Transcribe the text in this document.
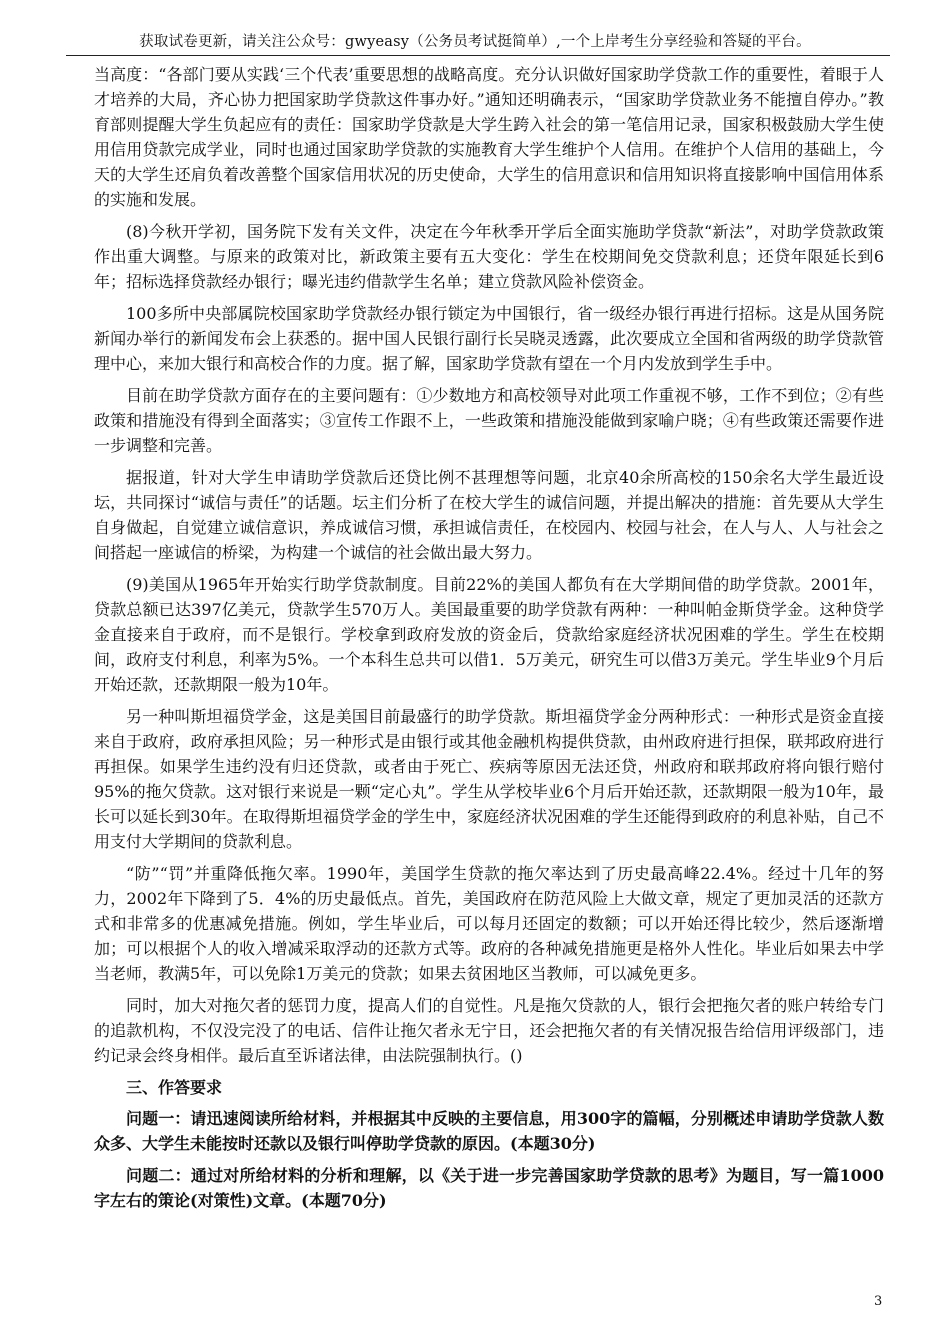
获取试卷更新，请关注公众号：gwyeasy（公务员考试挺简单）,一个上岸考生分享经验和答疑的平台。

当高度：“各部门要从实践‘三个代表’重要思想的战略高度。充分认识做好国家助学贷款工作的重要性，着眼于人才培养的大局，齐心协力把国家助学贷款这件事办好。”通知还明确表示，“国家助学贷款业务不能擅自停办。”教育部则提醒大学生负起应有的责任：国家助学贷款是大学生跨入社会的第一笔信用记录，国家积极鼓励大学生使用信用贷款完成学业，同时也通过国家助学贷款的实施教育大学生维护个人信用。在维护个人信用的基础上，今天的大学生还肩负着改善整个国家信用状况的历史使命，大学生的信用意识和信用知识将直接影响中国信用体系的实施和发展。

(8)今秋开学初，国务院下发有关文件，决定在今年秋季开学后全面实施助学贷款“新法”，对助学贷款政策作出重大调整。与原来的政策对比，新政策主要有五大变化：学生在校期间免交贷款利息；还贷年限延长到6年；招标选择贷款经办银行；曝光违约借款学生名单；建立贷款风险补偿资金。

100多所中央部属院校国家助学贷款经办银行锁定为中国银行，省一级经办银行再进行招标。这是从国务院新闻办举行的新闻发布会上获悉的。据中国人民银行副行长吴晓灵透露，此次要成立全国和省两级的助学贷款管理中心，来加大银行和高校合作的力度。据了解，国家助学贷款有望在一个月内发放到学生手中。

目前在助学贷款方面存在的主要问题有：①少数地方和高校领导对此项工作重视不够，工作不到位；②有些政策和措施没有得到全面落实；③宣传工作跟不上，一些政策和措施没能做到家喻户晓；④有些政策还需要作进一步调整和完善。

据报道，针对大学生申请助学贷款后还贷比例不甚理想等问题，北京40余所高校的150余名大学生最近设坛，共同探讨“诚信与责任”的话题。坛主们分析了在校大学生的诚信问题，并提出解决的措施：首先要从大学生自身做起，自觉建立诚信意识，养成诚信习惯，承担诚信责任，在校园内、校园与社会，在人与人、人与社会之间搭起一座诚信的桥梁，为构建一个诚信的社会做出最大努力。

(9)美国从1965年开始实行助学贷款制度。目前22%的美国人都负有在大学期间借的助学贷款。2001年，贷款总额已达397亿美元，贷款学生570万人。美国最重要的助学贷款有两种：一种叫帕金斯贷学金。这种贷学金直接来自于政府，而不是银行。学校拿到政府发放的资金后，贷款给家庭经济状况困难的学生。学生在校期间，政府支付利息，利率为5%。一个本科生总共可以借1．5万美元，研究生可以借3万美元。学生毕业9个月后开始还款，还款期限一般为10年。

另一种叫斯坦福贷学金，这是美国目前最盛行的助学贷款。斯坦福贷学金分两种形式：一种形式是资金直接来自于政府，政府承担风险；另一种形式是由银行或其他金融机构提供贷款，由州政府进行担保，联邦政府进行再担保。如果学生违约没有归还贷款，或者由于死亡、疾病等原因无法还贷，州政府和联邦政府将向银行赔付95%的拖欠贷款。这对银行来说是一颗“定心丸”。学生从学校毕业6个月后开始还款，还款期限一般为10年，最长可以延长到30年。在取得斯坦福贷学金的学生中，家庭经济状况困难的学生还能得到政府的利息补贴，自己不用支付大学期间的贷款利息。

“防”“罚”并重降低拖欠率。1990年，美国学生贷款的拖欠率达到了历史最高峰22.4%。经过十几年的努力，2002年下降到了5．4%的历史最低点。首先，美国政府在防范风险上大做文章，规定了更加灵活的还款方式和非常多的优惠减免措施。例如，学生毕业后，可以每月还固定的数额；可以开始还得比较少，然后逐渐增加；可以根据个人的收入增减采取浮动的还款方式等。政府的各种减免措施更是格外人性化。毕业后如果去中学当老师，教满5年，可以免除1万美元的贷款；如果去贫困地区当教师，可以减免更多。

同时，加大对拖欠者的惩罚力度，提高人们的自觉性。凡是拖欠贷款的人，银行会把拖欠者的账户转给专门的追款机构，不仅没完没了的电话、信件让拖欠者永无宁日，还会把拖欠者的有关情况报告给信用评级部门，违约记录会终身相伴。最后直至诉诸法律，由法院强制执行。()

三、作答要求

问题一：请迅速阅读所给材料，并根据其中反映的主要信息，用300字的篇幅，分别概述申请助学贷款人数众多、大学生未能按时还款以及银行叫停助学贷款的原因。(本题30分)

问题二：通过对所给材料的分析和理解，以《关于进一步完善国家助学贷款的思考》为题目，写一篇1000字左右的策论(对策性)文章。(本题70分)

3
